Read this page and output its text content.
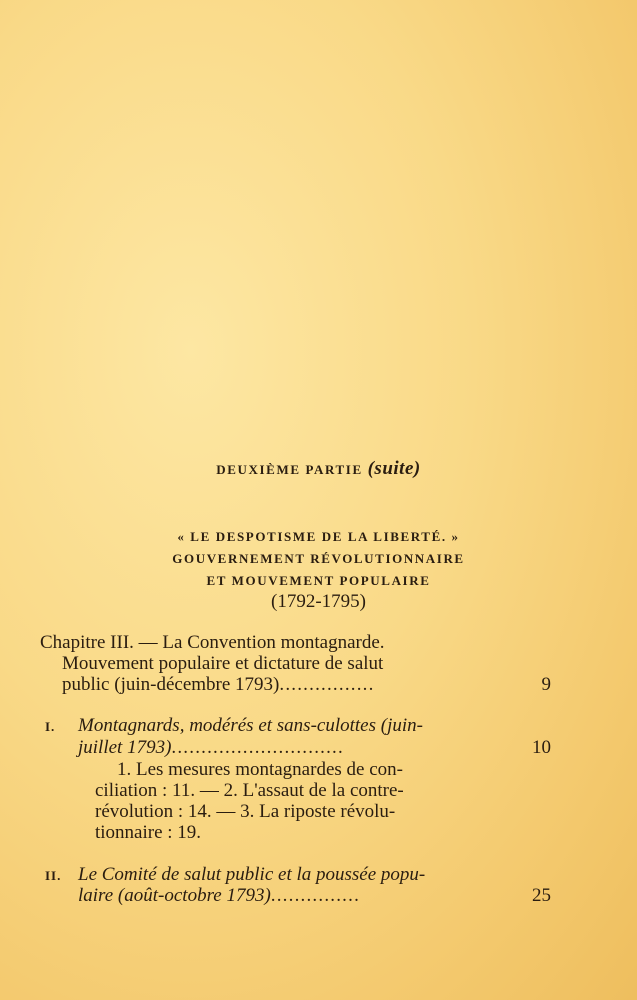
DEUXIÈME PARTIE (suite)
« LE DESPOTISME DE LA LIBERTÉ. »
GOUVERNEMENT RÉVOLUTIONNAIRE
ET MOUVEMENT POPULAIRE
(1792-1795)
Chapitre III. — La Convention montagnarde.
Mouvement populaire et dictature de salut
public (juin-décembre 1793)................	9
I. Montagnards, modérés et sans-culottes (juin-
juillet 1793).............................	10
1. Les mesures montagnardes de con-
ciliation : 11. — 2. L'assaut de la contre-
révolution : 14. — 3. La riposte révolu-
tionnaire : 19.
II. Le Comité de salut public et la poussée popu-
laire (août-octobre 1793)...............	25
